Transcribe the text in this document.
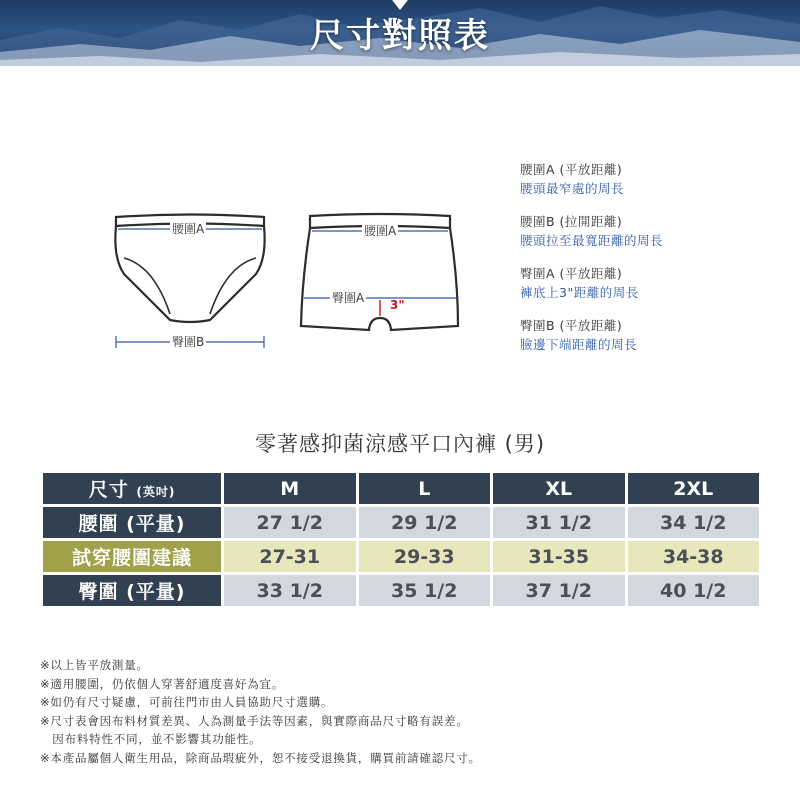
尺寸對照表
腰圍A
臀圍B
腰圍A
臀圍A 3"
腰圍A (平放距離)
腰頭最窄處的周長
腰圍B (拉開距離)
腰頭拉至最寬距離的周長
臀圍A (平放距離)
褲底上3"距離的周長
臀圍B (平放距離)
臉邊下端距離的周長
零著感抑菌涼感平口內褲 (男)
尺寸 (英吋)	M	L	XL	2XL
腰圍 (平量)	27 1/2	29 1/2	31 1/2	34 1/2
試穿腰圍建議	27-31	29-33	31-35	34-38
臀圍 (平量)	33 1/2	35 1/2	37 1/2	40 1/2
※以上皆平放測量。
※適用腰圍，仍依個人穿著舒適度喜好為宜。
※如仍有尺寸疑慮，可前往門市由人員協助尺寸選購。
※尺寸表會因布料材質差異、人為測量手法等因素，與實際商品尺寸略有誤差。
　因布料特性不同，並不影響其功能性。
※本產品屬個人衛生用品，除商品瑕疵外，恕不接受退換貨，購買前請確認尺寸。
